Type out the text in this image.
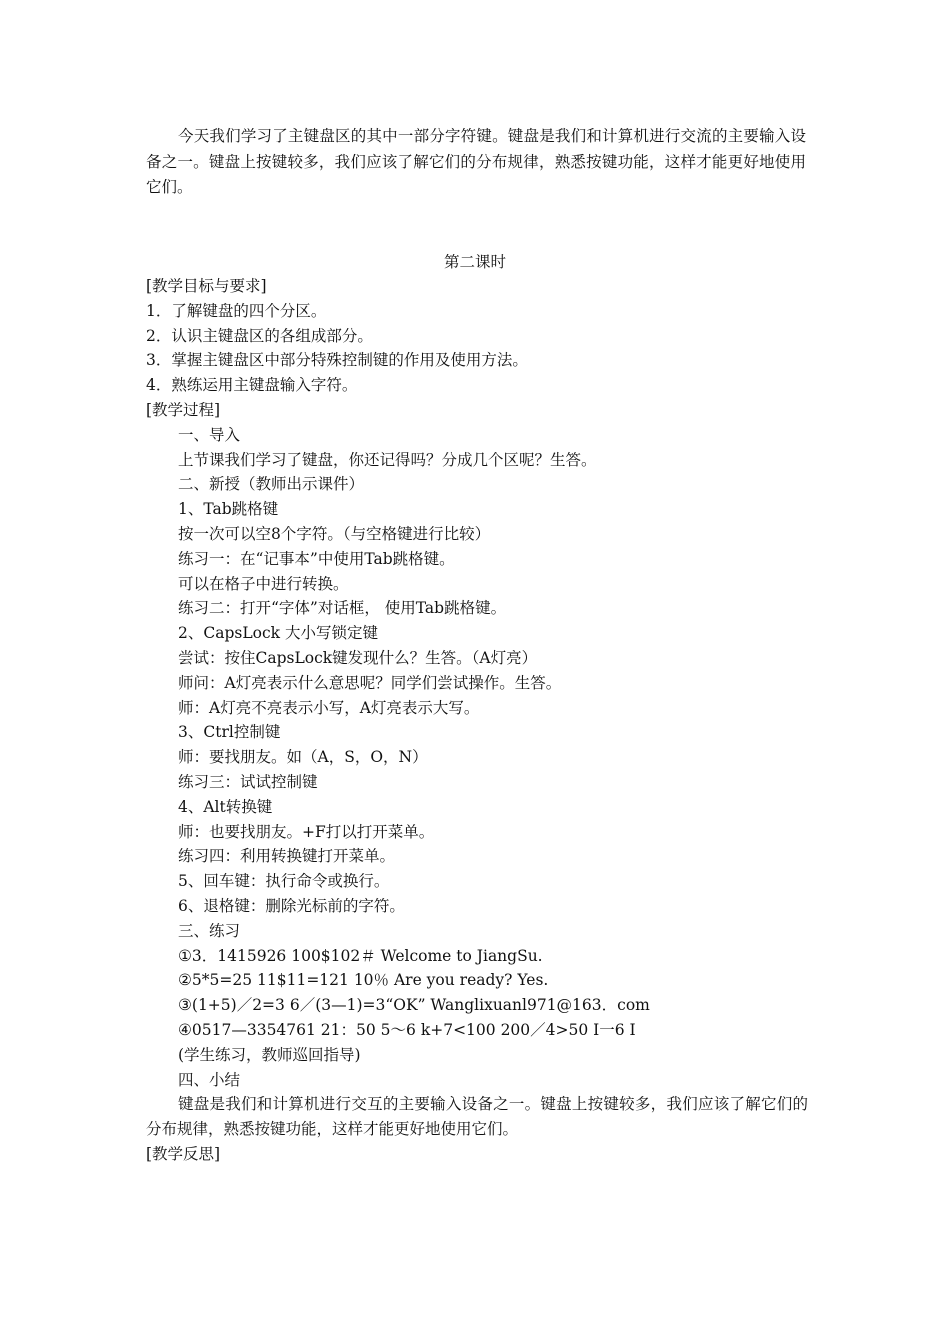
今天我们学习了主键盘区的其中一部分字符键。键盘是我们和计算机进行交流的主要输入设备之一。键盘上按键较多，我们应该了解它们的分布规律，熟悉按键功能，这样才能更好地使用它们。

第二课时

[教学目标与要求]

1．了解键盘的四个分区。

2．认识主键盘区的各组成部分。

3．掌握主键盘区中部分特殊控制键的作用及使用方法。

4．熟练运用主键盘输入字符。

[教学过程]

一、导入

上节课我们学习了键盘，你还记得吗？分成几个区呢？生答。

二、新授（教师出示课件）

1、Tab跳格键

按一次可以空8个字符。（与空格键进行比较）

练习一：在“记事本”中使用Tab跳格键。

可以在格子中进行转换。

练习二：打开“字体”对话框， 使用Tab跳格键。

2、CapsLock 大小写锁定键

尝试：按住CapsLock键发现什么？生答。（A灯亮）

师问：A灯亮表示什么意思呢？同学们尝试操作。生答。

师：A灯亮不亮表示小写，A灯亮表示大写。

3、Ctrl控制键

师：要找朋友。如（A，S，O，N）

练习三：试试控制键

4、Alt转换键

师：也要找朋友。+F打以打开菜单。

练习四：利用转换键打开菜单。

5、回车键：执行命令或换行。

6、退格键：删除光标前的字符。

三、练习

①3．1415926 100$102＃ Welcome to JiangSu.

②5*5=25 11$11=121 10％ Are you ready? Yes.

③(1+5)／2=3 6／(3—1)=3“OK” Wanglixuanl971@163．com

④0517—3354761 21：50 5～6 k+7<100 200／4>50 Ⅰ一6 Ⅰ

(学生练习，教师巡回指导)

四、小结

键盘是我们和计算机进行交互的主要输入设备之一。键盘上按键较多，我们应该了解它们的分布规律，熟悉按键功能，这样才能更好地使用它们。

[教学反思]
